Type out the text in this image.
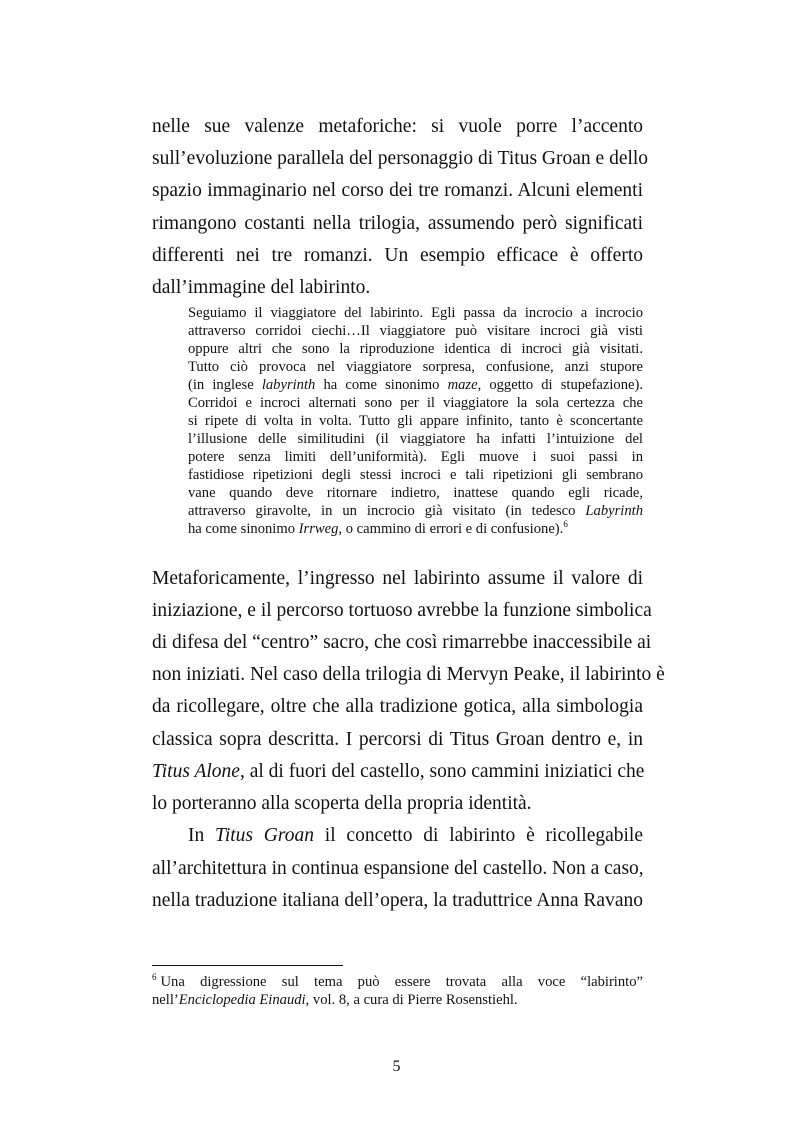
nelle sue valenze metaforiche: si vuole porre l’accento
sull’evoluzione parallela del personaggio di Titus Groan e dello
spazio immaginario nel corso dei tre romanzi. Alcuni elementi
rimangono costanti nella trilogia, assumendo però significati
differenti nei tre romanzi. Un esempio efficace è offerto
dall’immagine del labirinto.
Seguiamo il viaggiatore del labirinto. Egli passa da incrocio a incrocio
attraverso corridoi ciechi…Il viaggiatore può visitare incroci già visti
oppure altri che sono la riproduzione identica di incroci già visitati.
Tutto ciò provoca nel viaggiatore sorpresa, confusione, anzi stupore
(in inglese labyrinth ha come sinonimo maze, oggetto di stupefazione).
Corridoi e incroci alternati sono per il viaggiatore la sola certezza che
si ripete di volta in volta. Tutto gli appare infinito, tanto è sconcertante
l’illusione delle similitudini (il viaggiatore ha infatti l’intuizione del
potere senza limiti dell’uniformità). Egli muove i suoi passi in
fastidiose ripetizioni degli stessi incroci e tali ripetizioni gli sembrano
vane quando deve ritornare indietro, inattese quando egli ricade,
attraverso giravolte, in un incrocio già visitato (in tedesco Labyrinth
ha come sinonimo Irrweg, o cammino di errori e di confusione).$^6$
Metaforicamente, l’ingresso nel labirinto assume il valore di
iniziazione, e il percorso tortuoso avrebbe la funzione simbolica
di difesa del “centro” sacro, che così rimarrebbe inaccessibile ai
non iniziati. Nel caso della trilogia di Mervyn Peake, il labirinto è
da ricollegare, oltre che alla tradizione gotica, alla simbologia
classica sopra descritta. I percorsi di Titus Groan dentro e, in
Titus Alone, al di fuori del castello, sono cammini iniziatici che
lo porteranno alla scoperta della propria identità.
In Titus Groan il concetto di labirinto è ricollegabile
all’architettura in continua espansione del castello. Non a caso,
nella traduzione italiana dell’opera, la traduttrice Anna Ravano
$^6$ Una digressione sul tema può essere trovata alla voce “labirinto”
nell’Enciclopedia Einaudi, vol. 8, a cura di Pierre Rosenstiehl.
5
